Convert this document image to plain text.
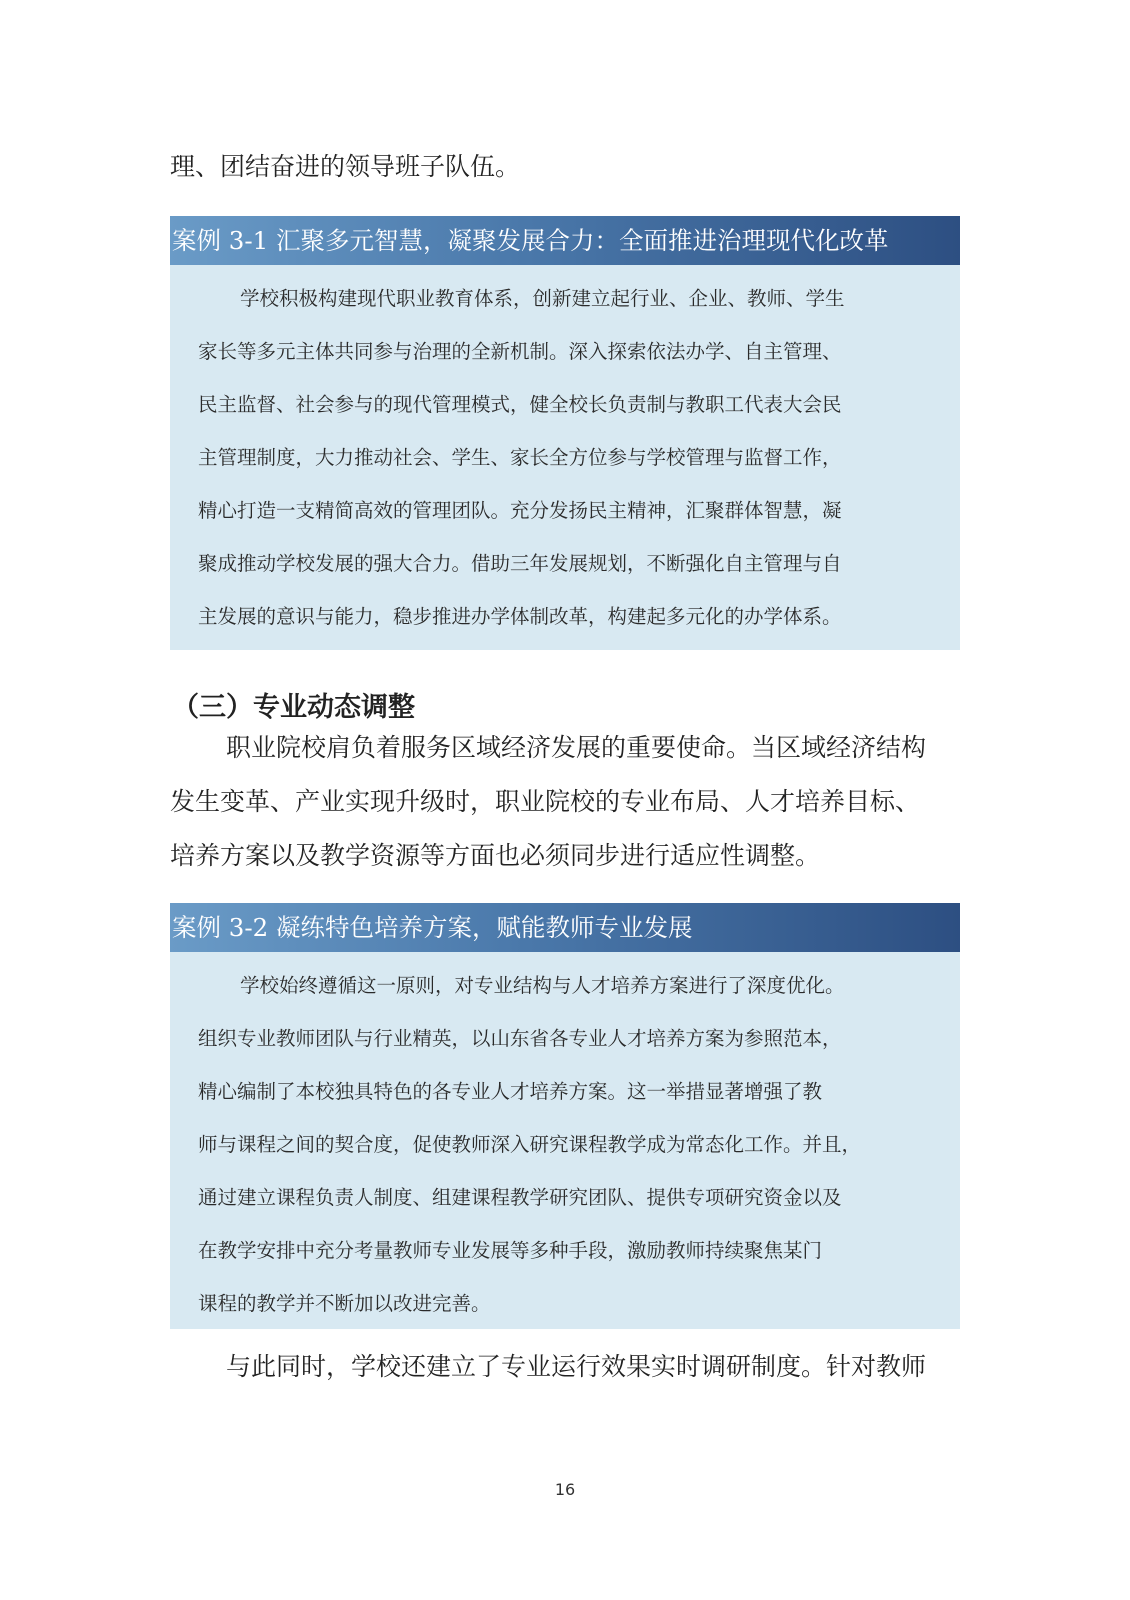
理、团结奋进的领导班子队伍。
案例 3-1 汇聚多元智慧，凝聚发展合力：全面推进治理现代化改革
学校积极构建现代职业教育体系，创新建立起行业、企业、教师、学生
家长等多元主体共同参与治理的全新机制。深入探索依法办学、自主管理、
民主监督、社会参与的现代管理模式，健全校长负责制与教职工代表大会民
主管理制度，大力推动社会、学生、家长全方位参与学校管理与监督工作，
精心打造一支精简高效的管理团队。充分发扬民主精神，汇聚群体智慧，凝
聚成推动学校发展的强大合力。借助三年发展规划，不断强化自主管理与自
主发展的意识与能力，稳步推进办学体制改革，构建起多元化的办学体系。
（三）专业动态调整
职业院校肩负着服务区域经济发展的重要使命。当区域经济结构
发生变革、产业实现升级时，职业院校的专业布局、人才培养目标、
培养方案以及教学资源等方面也必须同步进行适应性调整。
案例 3-2 凝练特色培养方案，赋能教师专业发展
学校始终遵循这一原则，对专业结构与人才培养方案进行了深度优化。
组织专业教师团队与行业精英，以山东省各专业人才培养方案为参照范本，
精心编制了本校独具特色的各专业人才培养方案。这一举措显著增强了教
师与课程之间的契合度，促使教师深入研究课程教学成为常态化工作。并且，
通过建立课程负责人制度、组建课程教学研究团队、提供专项研究资金以及
在教学安排中充分考量教师专业发展等多种手段，激励教师持续聚焦某门
课程的教学并不断加以改进完善。
与此同时，学校还建立了专业运行效果实时调研制度。针对教师
16
